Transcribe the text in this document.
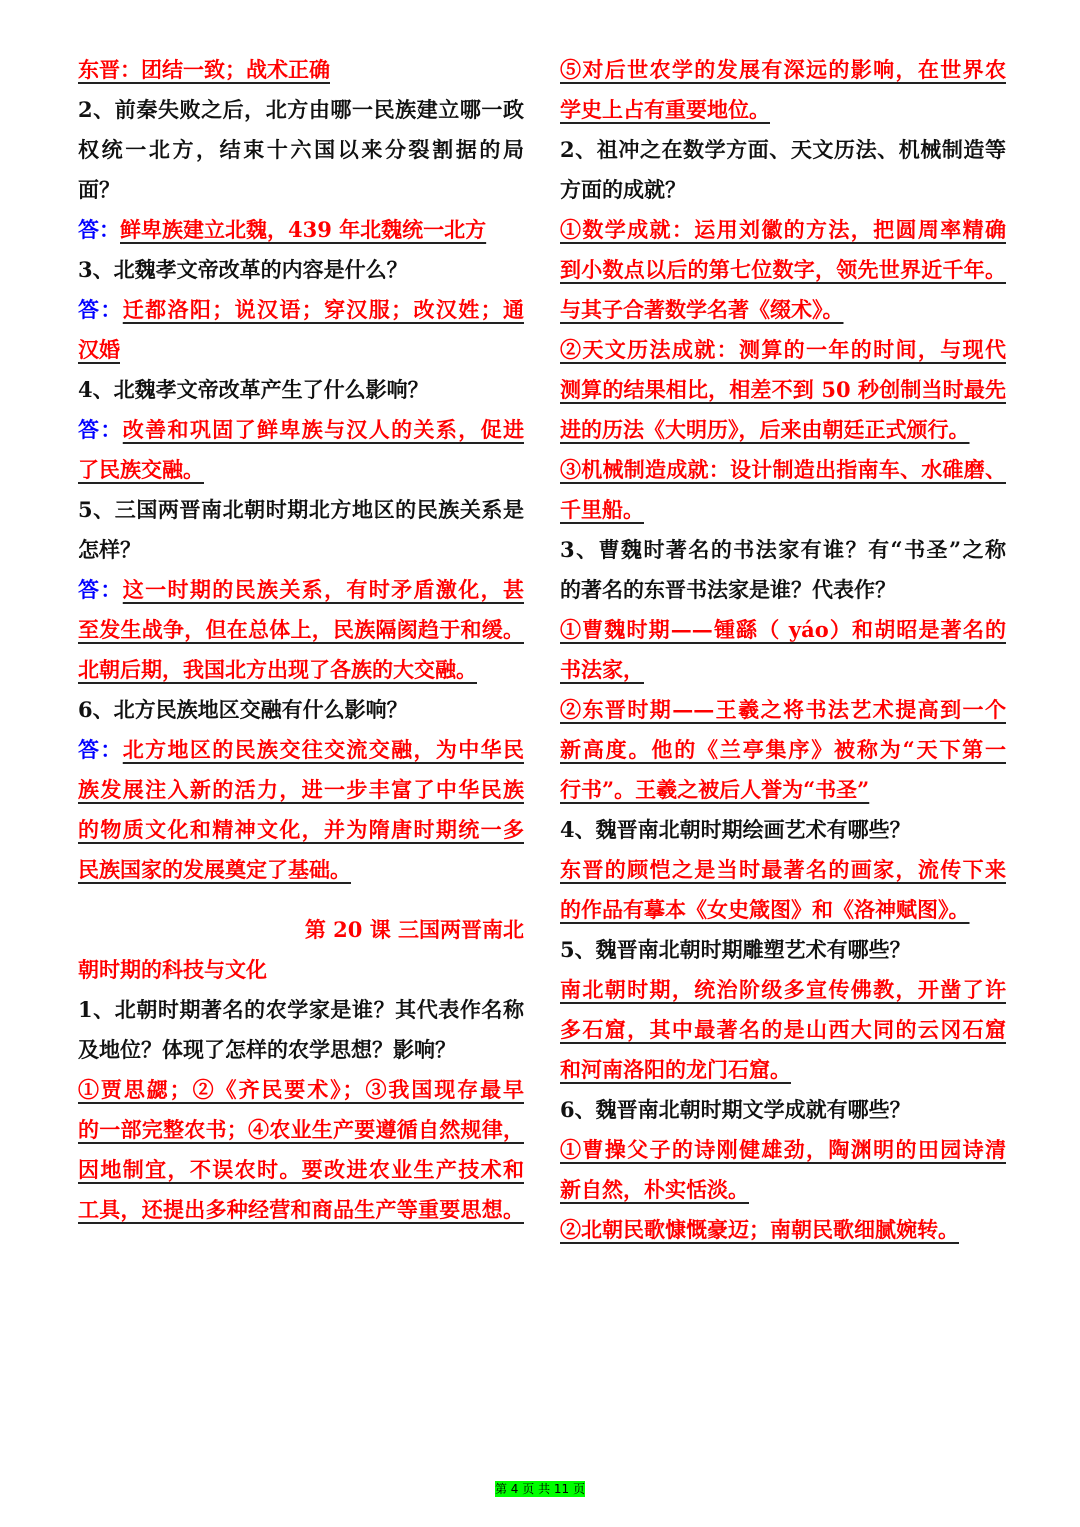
东晋：团结一致；战术正确
2、前秦失败之后，北方由哪一民族建立哪一政
权统一北方，结束十六国以来分裂割据的局
面？
答：鲜卑族建立北魏，439 年北魏统一北方
3、北魏孝文帝改革的内容是什么？
答：迁都洛阳；说汉语；穿汉服；改汉姓；通
汉婚
4、北魏孝文帝改革产生了什么影响？
答：改善和巩固了鲜卑族与汉人的关系，促进
了民族交融。
5、三国两晋南北朝时期北方地区的民族关系是
怎样？
答：这一时期的民族关系，有时矛盾激化，甚
至发生战争，但在总体上，民族隔阂趋于和缓。
北朝后期，我国北方出现了各族的大交融。
6、北方民族地区交融有什么影响？
答：北方地区的民族交往交流交融，为中华民
族发展注入新的活力，进一步丰富了中华民族
的物质文化和精神文化，并为隋唐时期统一多
民族国家的发展奠定了基础。
第 20 课 三国两晋南北
朝时期的科技与文化
1、北朝时期著名的农学家是谁？其代表作名称
及地位？体现了怎样的农学思想？影响？
①贾思勰；②《齐民要术》；③我国现存最早
的一部完整农书；④农业生产要遵循自然规律，
因地制宜，不误农时。要改进农业生产技术和
工具，还提出多种经营和商品生产等重要思想。
⑤对后世农学的发展有深远的影响，在世界农
学史上占有重要地位。
2、祖冲之在数学方面、天文历法、机械制造等
方面的成就？
①数学成就：运用刘徽的方法，把圆周率精确
到小数点以后的第七位数字，领先世界近千年。
与其子合著数学名著《缀术》。
②天文历法成就：测算的一年的时间，与现代
测算的结果相比，相差不到 50 秒创制当时最先
进的历法《大明历》，后来由朝廷正式颁行。
③机械制造成就：设计制造出指南车、水碓磨、
千里船。
3、曹魏时著名的书法家有谁？有“书圣”之称
的著名的东晋书法家是谁？代表作？
①曹魏时期——锺繇（ yáo）和胡昭是著名的
书法家，
②东晋时期——王羲之将书法艺术提高到一个
新高度。他的《兰亭集序》被称为“天下第一
行书”。王羲之被后人誉为“书圣”
4、魏晋南北朝时期绘画艺术有哪些？
东晋的顾恺之是当时最著名的画家，流传下来
的作品有摹本《女史箴图》和《洛神赋图》。
5、魏晋南北朝时期雕塑艺术有哪些？
南北朝时期，统治阶级多宣传佛教，开凿了许
多石窟，其中最著名的是山西大同的云冈石窟
和河南洛阳的龙门石窟。
6、魏晋南北朝时期文学成就有哪些？
①曹操父子的诗刚健雄劲，陶渊明的田园诗清
新自然，朴实恬淡。
②北朝民歌慷慨豪迈；南朝民歌细腻婉转。
第 4 页 共 11 页
